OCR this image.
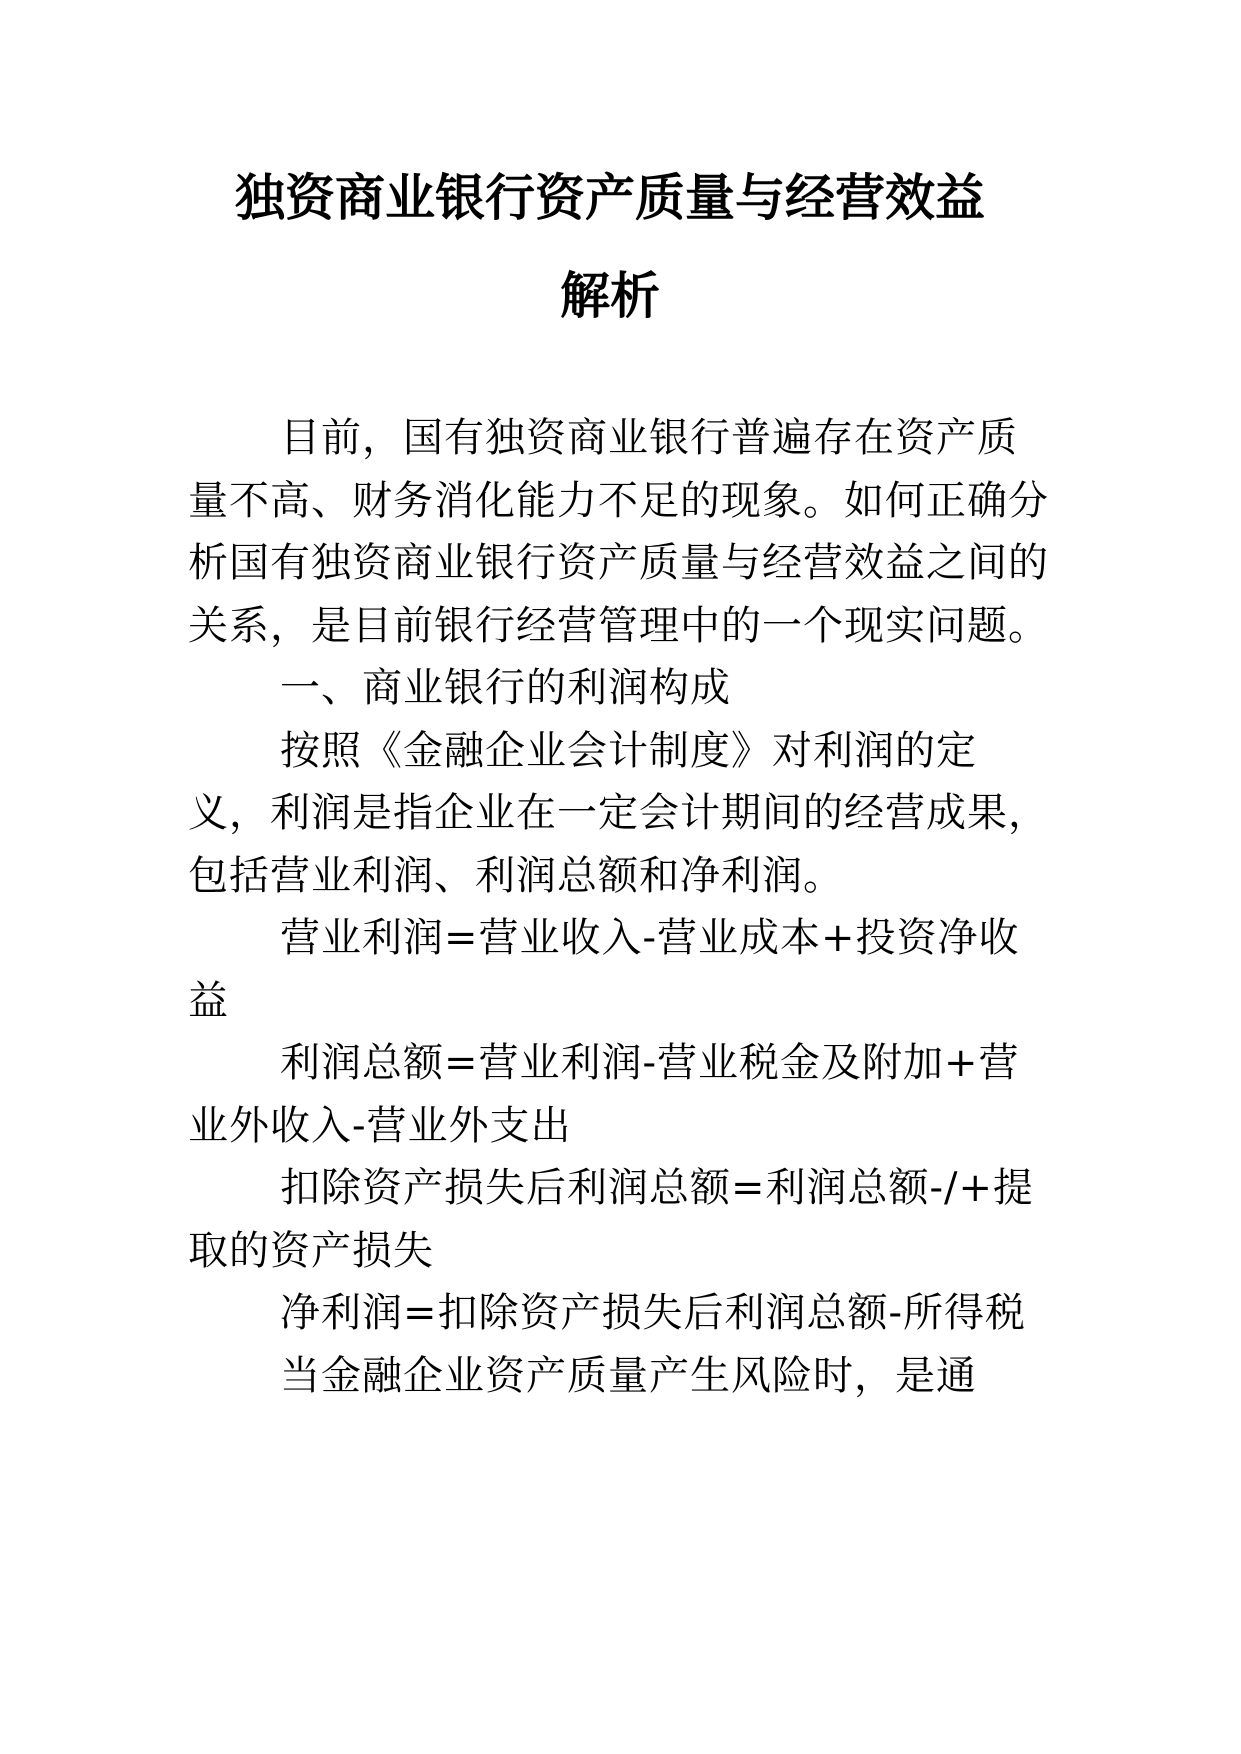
独资商业银行资产质量与经营效益
解析

目前，国有独资商业银行普遍存在资产质量不高、财务消化能力不足的现象。如何正确分析国有独资商业银行资产质量与经营效益之间的关系，是目前银行经营管理中的一个现实问题。

一、商业银行的利润构成

按照《金融企业会计制度》对利润的定义，利润是指企业在一定会计期间的经营成果，包括营业利润、利润总额和净利润。

营业利润=营业收入-营业成本+投资净收益

利润总额=营业利润-营业税金及附加+营业外收入-营业外支出

扣除资产损失后利润总额=利润总额-/+提取的资产损失

净利润=扣除资产损失后利润总额-所得税

当金融企业资产质量产生风险时，是通
